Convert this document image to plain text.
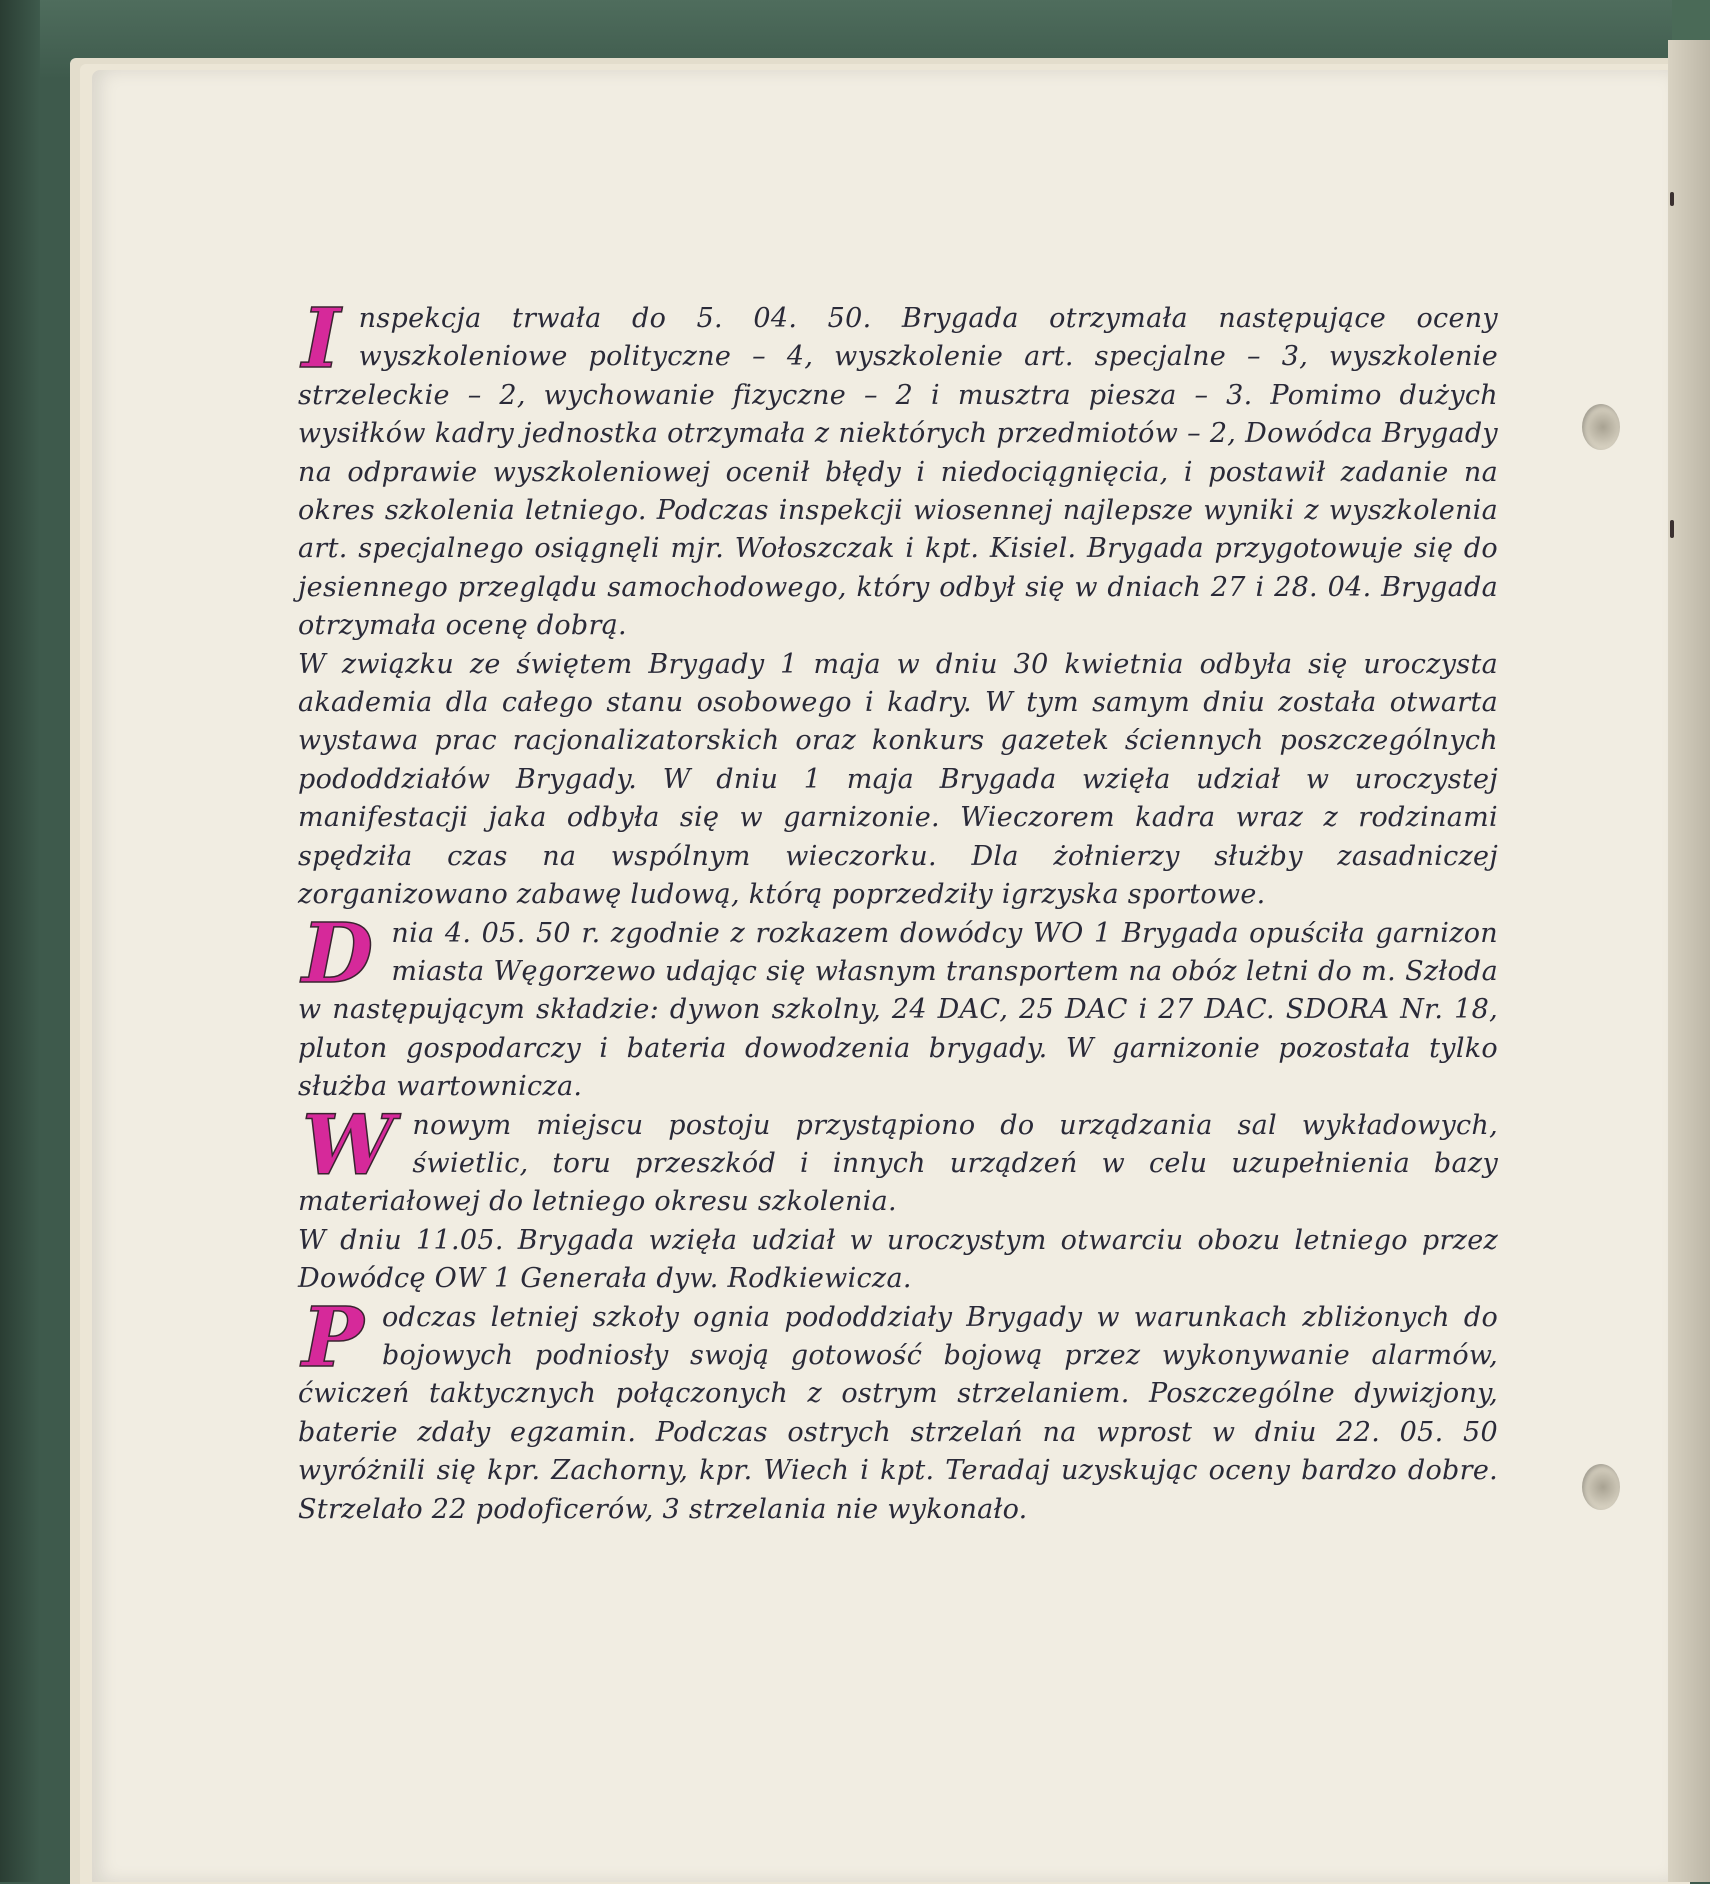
Inspekcja trwała do 5. 04. 50. Brygada otrzymała następujące oceny wyszkoleniowe polityczne – 4, wyszkolenie art. specjalne – 3, wyszkolenie strzeleckie – 2, wychowanie fizyczne – 2 i musztra piesza – 3. Pomimo dużych wysiłków kadry jednostka otrzymała z niektórych przedmiotów – 2, Dowódca Brygady na odprawie wyszkoleniowej ocenił błędy i niedociągnięcia, i postawił zadanie na okres szkolenia letniego. Podczas inspekcji wiosennej najlepsze wyniki z wyszkolenia art. specjalnego osiągnęli mjr. Wołoszczak i kpt. Kisiel. Brygada przygotowuje się do jesiennego przeglądu samochodowego, który odbył się w dniach 27 i 28. 04. Brygada otrzymała ocenę dobrą.

W związku ze świętem Brygady 1 maja w dniu 30 kwietnia odbyła się uroczysta akademia dla całego stanu osobowego i kadry. W tym samym dniu została otwarta wystawa prac racjonalizatorskich oraz konkurs gazetek ściennych poszczególnych pododdziałów Brygady. W dniu 1 maja Brygada wzięła udział w uroczystej manifestacji jaka odbyła się w garnizonie. Wieczorem kadra wraz z rodzinami spędziła czas na wspólnym wieczorku. Dla żołnierzy służby zasadniczej zorganizowano zabawę ludową, którą poprzedziły igrzyska sportowe.

Dnia 4. 05. 50 r. zgodnie z rozkazem dowódcy WO 1 Brygada opuściła garnizon miasta Węgorzewo udając się własnym transportem na obóz letni do m. Szłoda w następującym składzie: dywon szkolny, 24 DAC, 25 DAC i 27 DAC. SDORA Nr. 18, pluton gospodarczy i bateria dowodzenia brygady. W garnizonie pozostała tylko służba wartownicza.

Wnowym miejscu postoju przystąpiono do urządzania sal wykładowych, świetlic, toru przeszkód i innych urządzeń w celu uzupełnienia bazy materiałowej do letniego okresu szkolenia.

W dniu 11.05. Brygada wzięła udział w uroczystym otwarciu obozu letniego przez Dowódcę OW 1 Generała dyw. Rodkiewicza.

Podczas letniej szkoły ognia pododdziały Brygady w warunkach zbliżonych do bojowych podniosły swoją gotowość bojową przez wykonywanie alarmów, ćwiczeń taktycznych połączonych z ostrym strzelaniem. Poszczególne dywizjony, baterie zdały egzamin. Podczas ostrych strzelań na wprost w dniu 22. 05. 50 wyróżnili się kpr. Zachorny, kpr. Wiech i kpt. Teradaj uzyskując oceny bardzo dobre. Strzelało 22 podoficerów, 3 strzelania nie wykonało.
